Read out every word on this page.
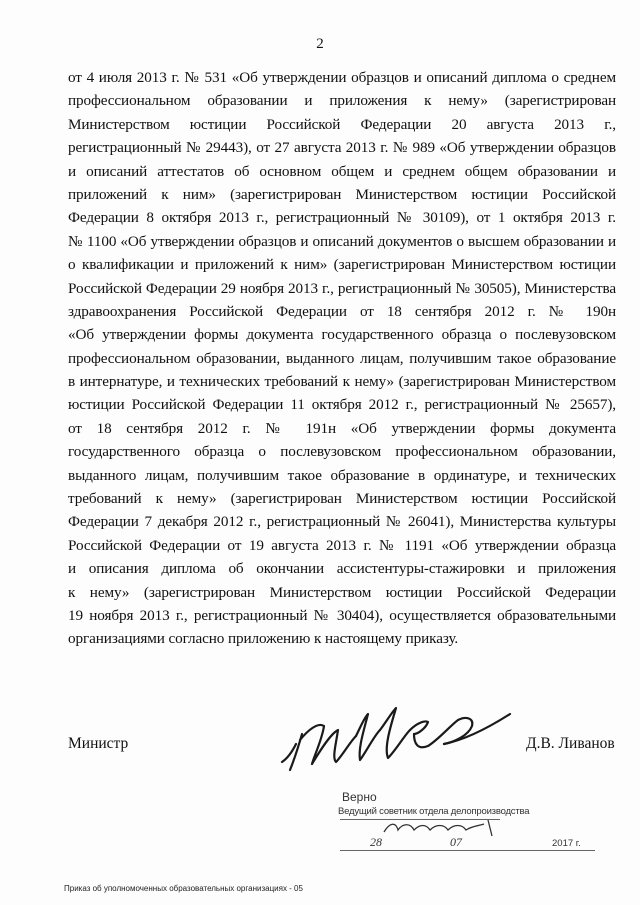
2
от 4 июля 2013 г. № 531 «Об утверждении образцов и описаний диплома о среднем
профессиональном образовании и приложения к нему» (зарегистрирован
Министерством юстиции Российской Федерации 20 августа 2013 г.,
регистрационный № 29443), от 27 августа 2013 г. № 989 «Об утверждении образцов
и описаний аттестатов об основном общем и среднем общем образовании и
приложений к ним» (зарегистрирован Министерством юстиции Российской
Федерации 8 октября 2013 г., регистрационный № 30109), от 1 октября 2013 г.
№ 1100 «Об утверждении образцов и описаний документов о высшем образовании и
о квалификации и приложений к ним» (зарегистрирован Министерством юстиции
Российской Федерации 29 ноября 2013 г., регистрационный № 30505), Министерства
здравоохранения Российской Федерации от 18 сентября 2012 г. № 190н
«Об утверждении формы документа государственного образца о послевузовском
профессиональном образовании, выданного лицам, получившим такое образование
в интернатуре, и технических требований к нему» (зарегистрирован Министерством
юстиции Российской Федерации 11 октября 2012 г., регистрационный № 25657),
от 18 сентября 2012 г. № 191н «Об утверждении формы документа
государственного образца о послевузовском профессиональном образовании,
выданного лицам, получившим такое образование в ординатуре, и технических
требований к нему» (зарегистрирован Министерством юстиции Российской
Федерации 7 декабря 2012 г., регистрационный № 26041), Министерства культуры
Российской Федерации от 19 августа 2013 г. № 1191 «Об утверждении образца
и описания диплома об окончании ассистентуры-стажировки и приложения
к нему» (зарегистрирован Министерством юстиции Российской Федерации
19 ноября 2013 г., регистрационный № 30404), осуществляется образовательными
организациями согласно приложению к настоящему приказу.
Министр	Д.В. Ливанов
Верно
Ведущий советник отдела делопроизводства
28	07	2017 г.
Приказ об уполномоченных образовательных организациях - 05
